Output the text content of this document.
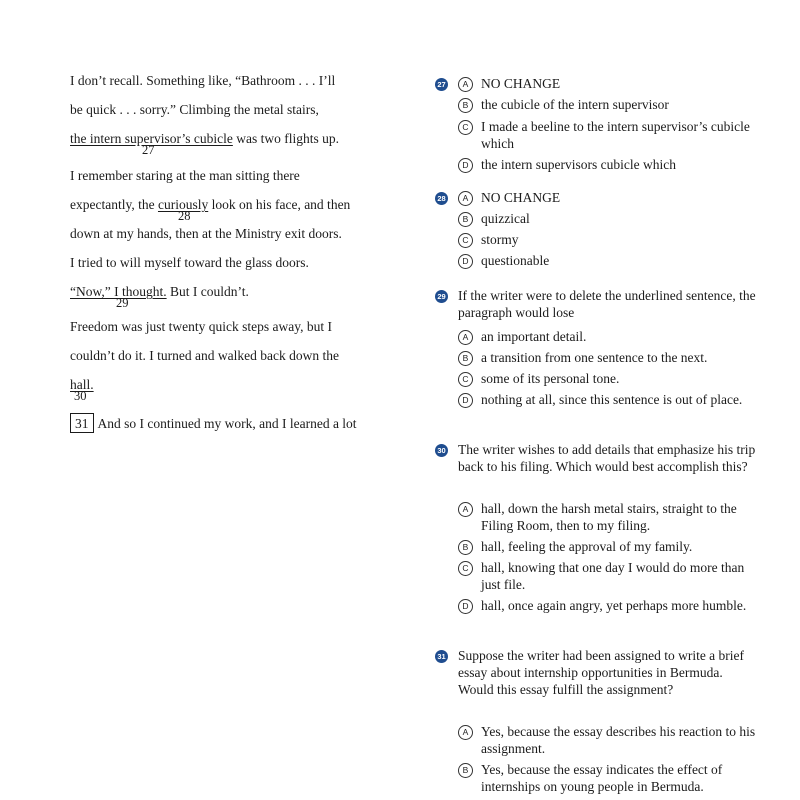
I don’t recall. Something like, “Bathroom . . . I’ll
be quick . . . sorry.” Climbing the metal stairs,
the intern supervisor’s cubicle
27
was two flights up.
I remember staring at the man sitting there
expectantly, the curiously
28
look on his face, and then
down at my hands, then at the Ministry exit doors.
I tried to will myself toward the glass doors.
“Now,” I thought.
29
But I couldn’t.
Freedom was just twenty quick steps away, but I
couldn’t do it. I turned and walked back down the
hall.
30
31 And so I continued my work, and I learned a lot
27	A NO CHANGE
B the cubicle of the intern supervisor
C I made a beeline to the intern supervisor’s cubicle which
D the intern supervisors cubicle which
28	A NO CHANGE
B quizzical
C stormy
D questionable
29 If the writer were to delete the underlined sentence, the paragraph would lose
A an important detail.
B a transition from one sentence to the next.
C some of its personal tone.
D nothing at all, since this sentence is out of place.
30 The writer wishes to add details that emphasize his trip back to his filing. Which would best accomplish this?
A hall, down the harsh metal stairs, straight to the Filing Room, then to my filing.
B hall, feeling the approval of my family.
C hall, knowing that one day I would do more than just file.
D hall, once again angry, yet perhaps more humble.
31 Suppose the writer had been assigned to write a brief essay about internship opportunities in Bermuda. Would this essay fulfill the assignment?
A Yes, because the essay describes his reaction to his assignment.
B Yes, because the essay indicates the effect of internships on young people in Bermuda.
